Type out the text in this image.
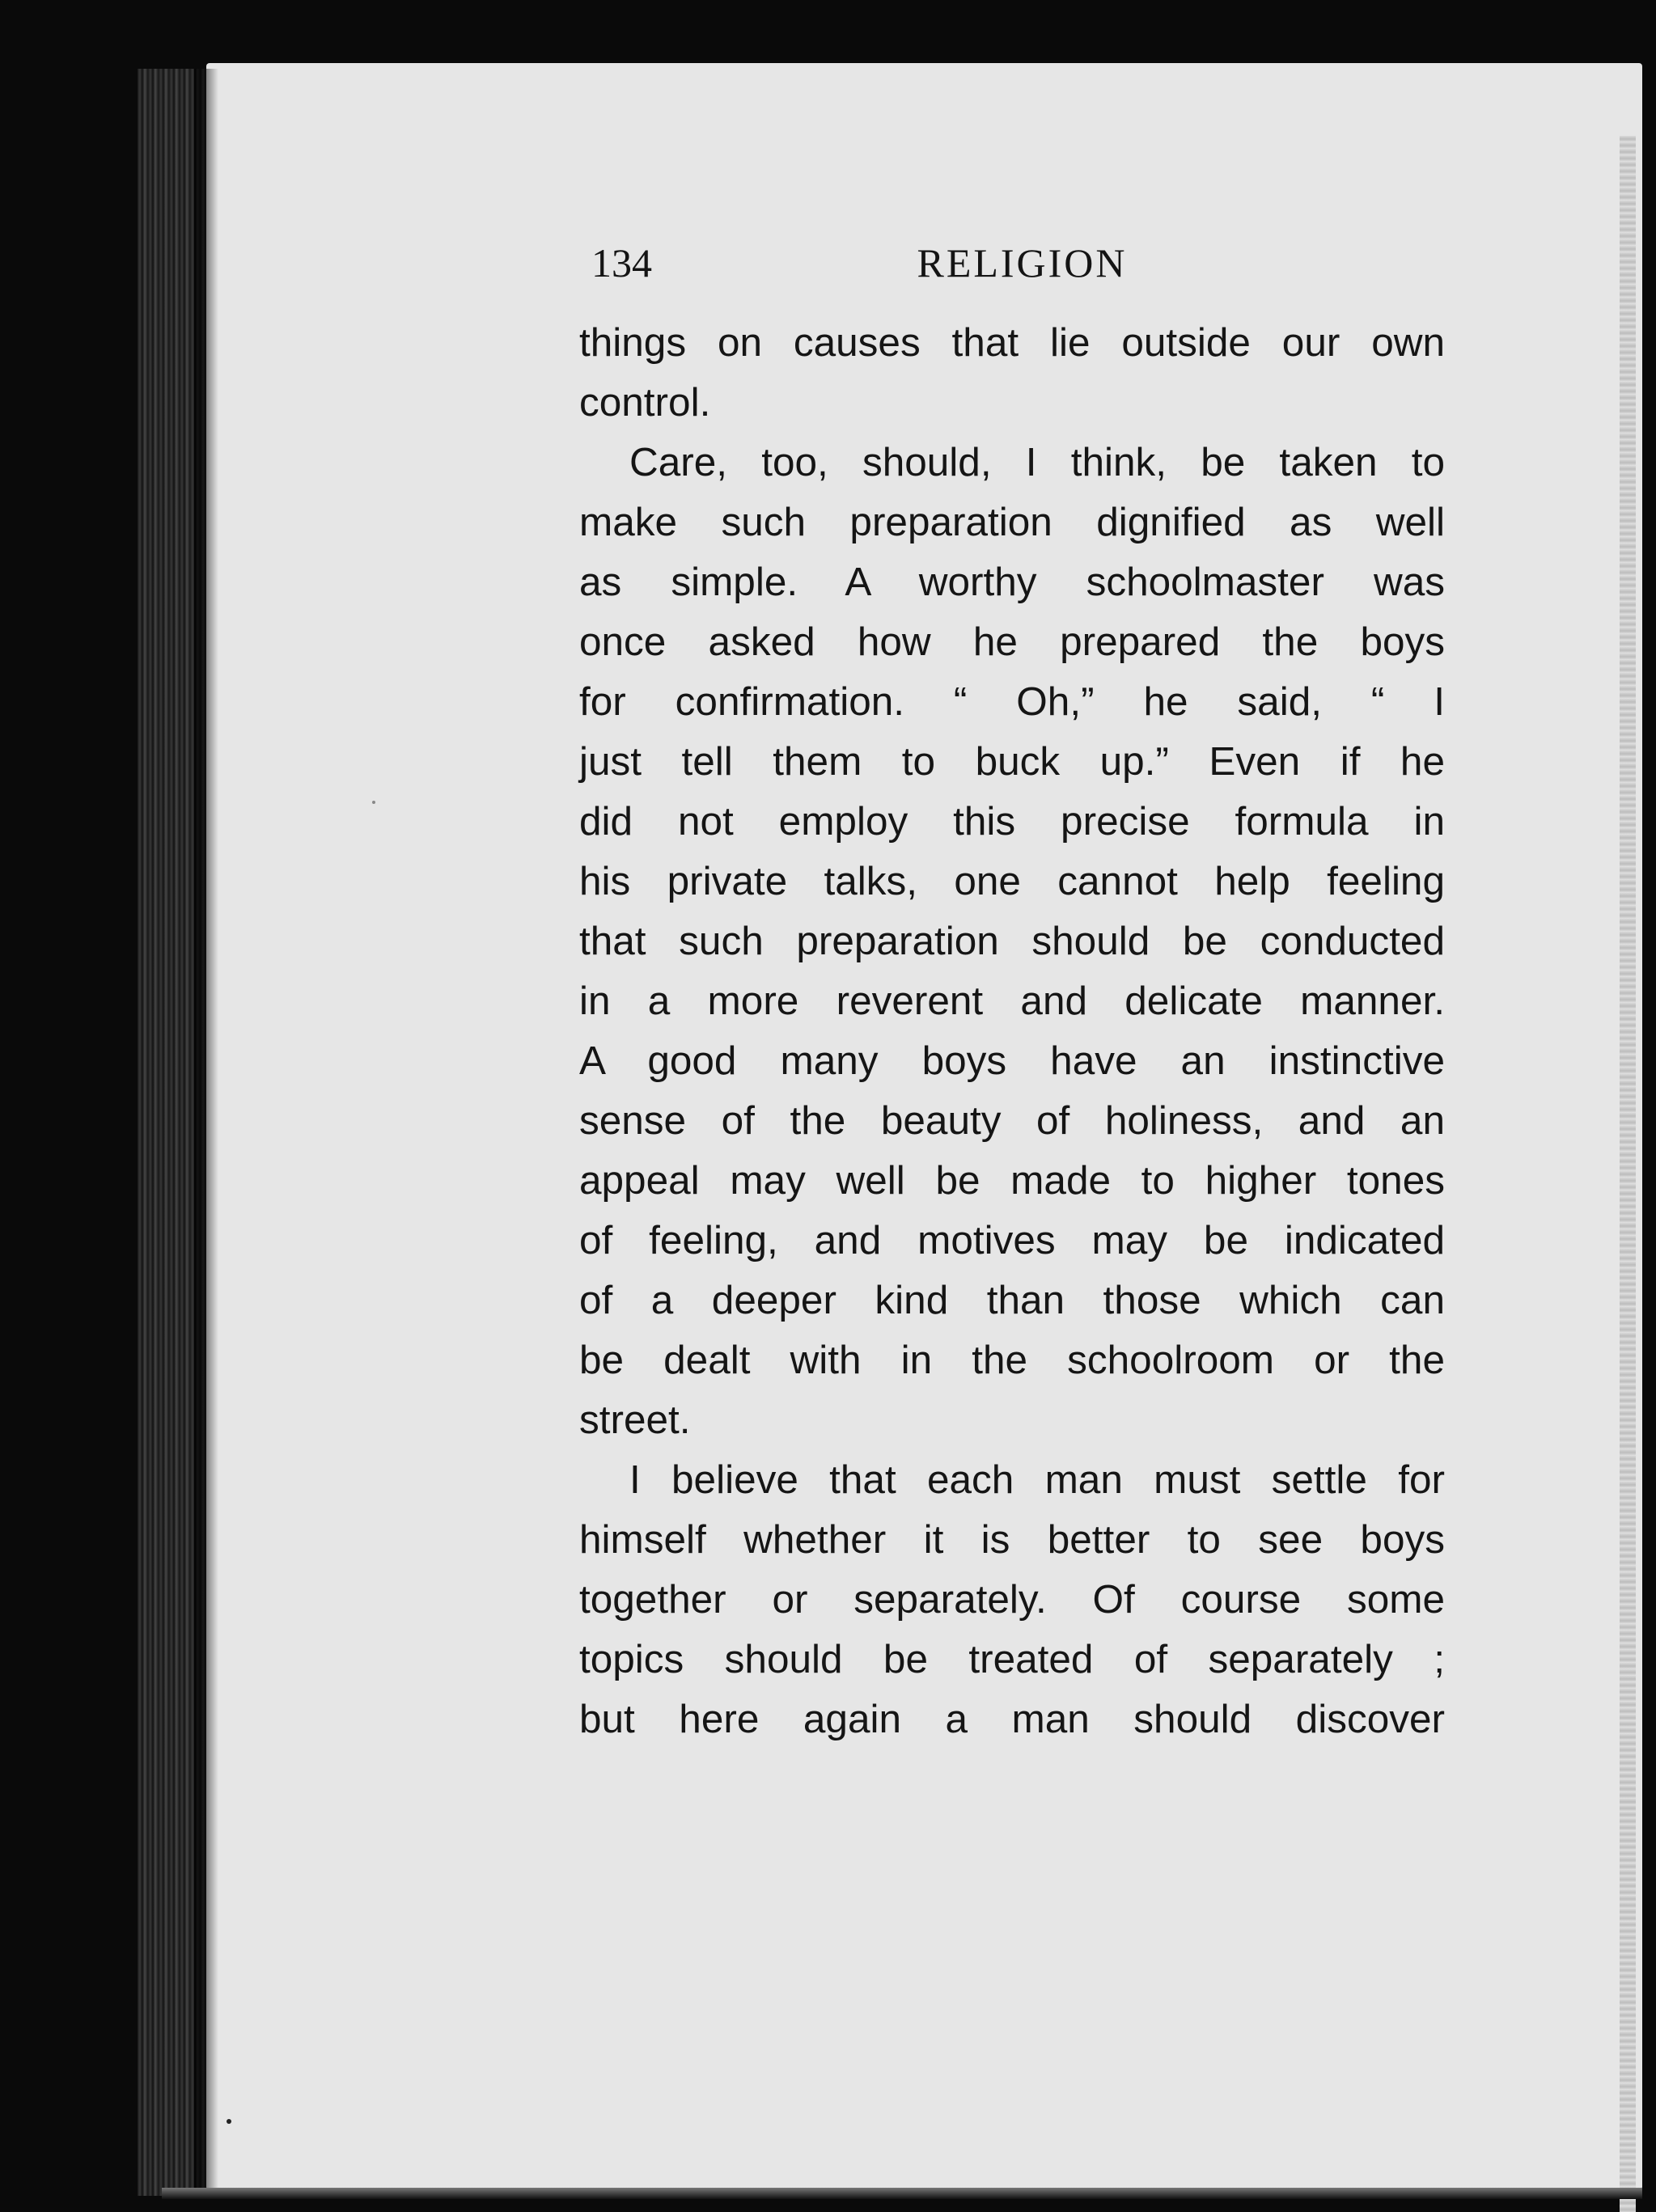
134	RELIGION
things on causes that lie outside our own
control.
Care, too, should, I think, be taken to
make such preparation dignified as well
as simple. A worthy schoolmaster was
once asked how he prepared the boys
for confirmation. “ Oh,” he said, “ I
just tell them to buck up.” Even if he
did not employ this precise formula in
his private talks, one cannot help feeling
that such preparation should be conducted
in a more reverent and delicate manner.
A good many boys have an instinctive
sense of the beauty of holiness, and an
appeal may well be made to higher tones
of feeling, and motives may be indicated
of a deeper kind than those which can
be dealt with in the schoolroom or the
street.
I believe that each man must settle for
himself whether it is better to see boys
together or separately. Of course some
topics should be treated of separately ;
but here again a man should discover
